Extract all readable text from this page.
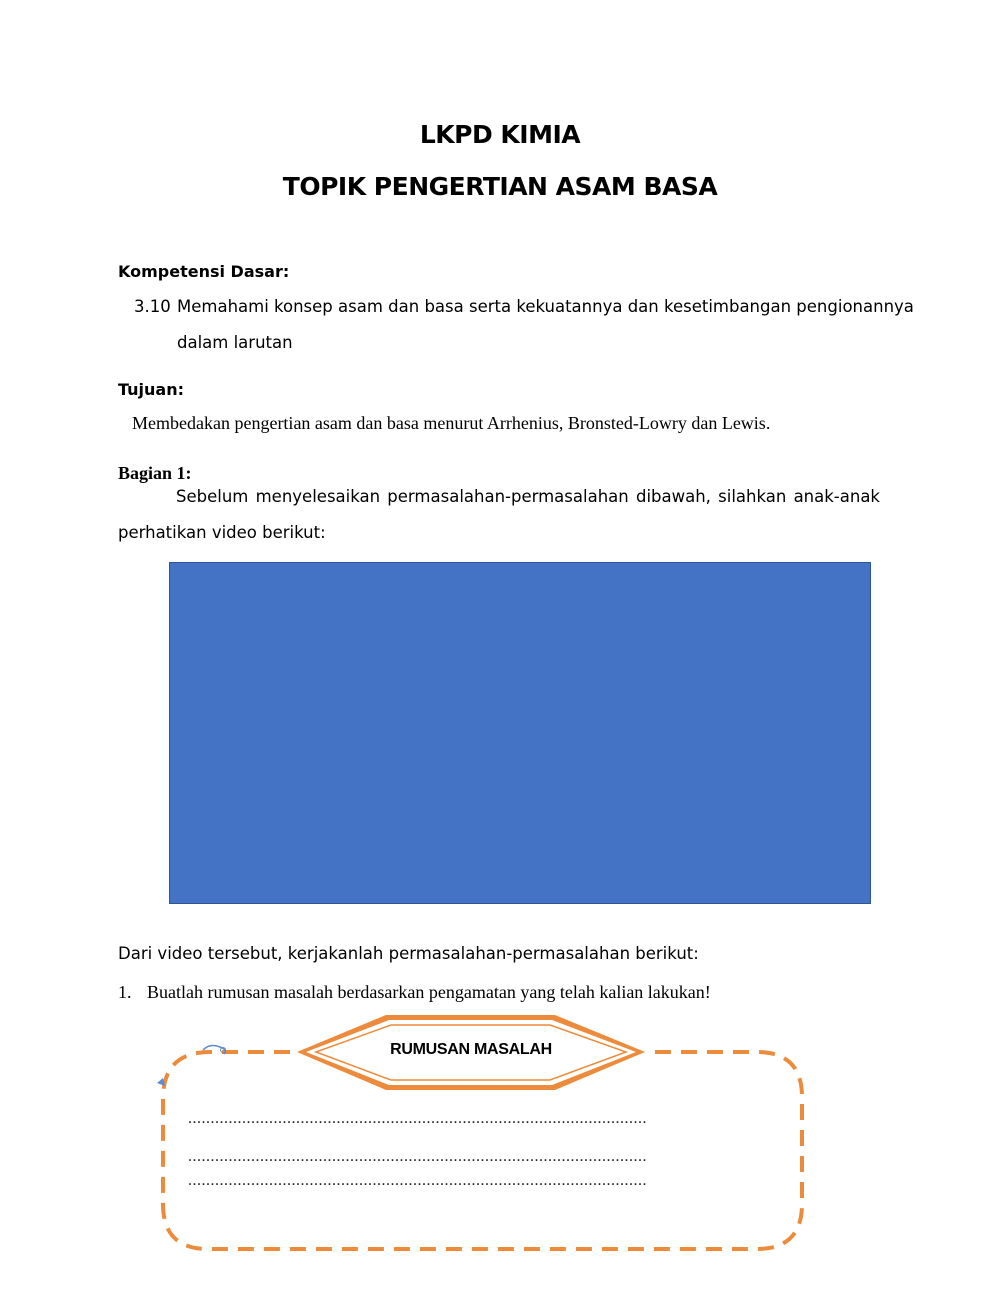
LKPD KIMIA
TOPIK PENGERTIAN ASAM BASA
Kompetensi Dasar:
3.10 Memahami konsep asam dan basa serta kekuatannya dan kesetimbangan pengionannya
dalam larutan
Tujuan:
Membedakan pengertian asam dan basa menurut Arrhenius, Bronsted-Lowry dan Lewis.
Bagian 1:
Sebelum menyelesaikan permasalahan-permasalahan dibawah, silahkan anak-anak
perhatikan video berikut:
Dari video tersebut, kerjakanlah permasalahan-permasalahan berikut:
1. Buatlah rumusan masalah berdasarkan pengamatan yang telah kalian lakukan!
RUMUSAN MASALAH
......................................................................................................
......................................................................................................
......................................................................................................
